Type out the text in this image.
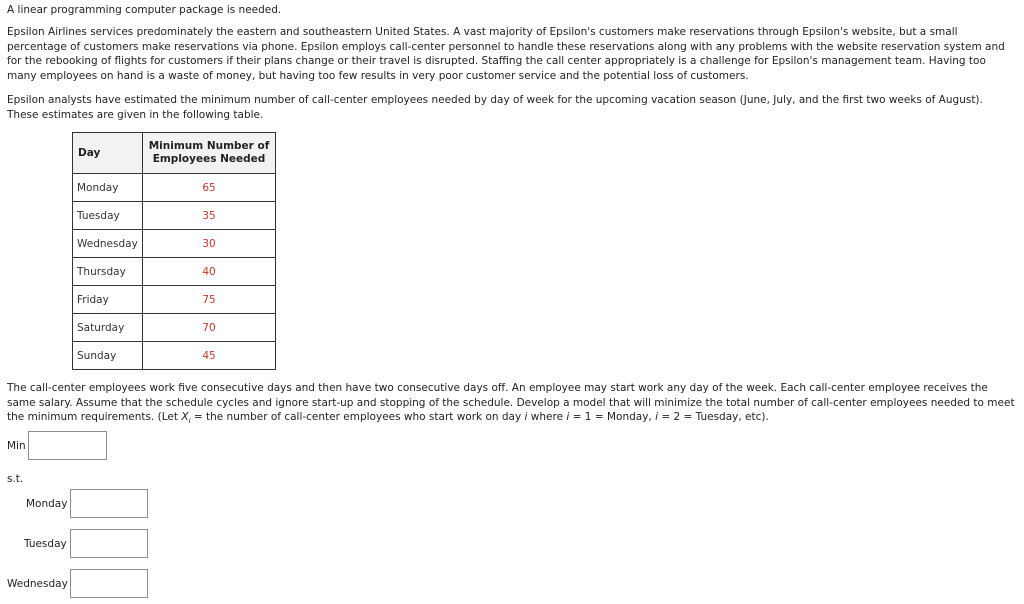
A linear programming computer package is needed.
Epsilon Airlines services predominately the eastern and southeastern United States. A vast majority of Epsilon's customers make reservations through Epsilon's website, but a small percentage of customers make reservations via phone. Epsilon employs call-center personnel to handle these reservations along with any problems with the website reservation system and for the rebooking of flights for customers if their plans change or their travel is disrupted. Staffing the call center appropriately is a challenge for Epsilon's management team. Having too many employees on hand is a waste of money, but having too few results in very poor customer service and the potential loss of customers.
Epsilon analysts have estimated the minimum number of call-center employees needed by day of week for the upcoming vacation season (June, July, and the first two weeks of August). These estimates are given in the following table.
Day	Minimum Number of
Employees Needed
Monday	65
Tuesday	35
Wednesday	30
Thursday	40
Friday	75
Saturday	70
Sunday	45
The call-center employees work five consecutive days and then have two consecutive days off. An employee may start work any day of the week. Each call-center employee receives the same salary. Assume that the schedule cycles and ignore start-up and stopping of the schedule. Develop a model that will minimize the total number of call-center employees needed to meet the minimum requirements. (Let $X_i$ = the number of call-center employees who start work on day i where i = 1 = Monday, i = 2 = Tuesday, etc).
Min
s.t.
Monday
Tuesday
Wednesday
